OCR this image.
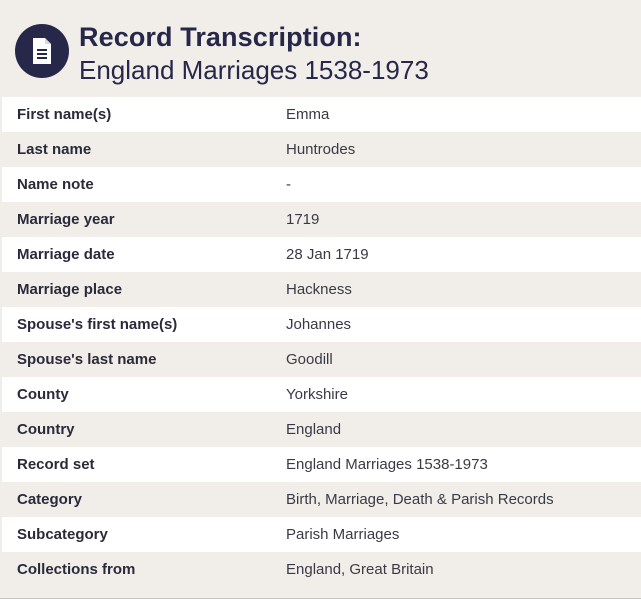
Record Transcription:
England Marriages 1538-1973
First name(s)	Emma
Last name	Huntrodes
Name note	-
Marriage year	1719
Marriage date	28 Jan 1719
Marriage place	Hackness
Spouse's first name(s)	Johannes
Spouse's last name	Goodill
County	Yorkshire
Country	England
Record set	England Marriages 1538-1973
Category	Birth, Marriage, Death & Parish Records
Subcategory	Parish Marriages
Collections from	England, Great Britain
